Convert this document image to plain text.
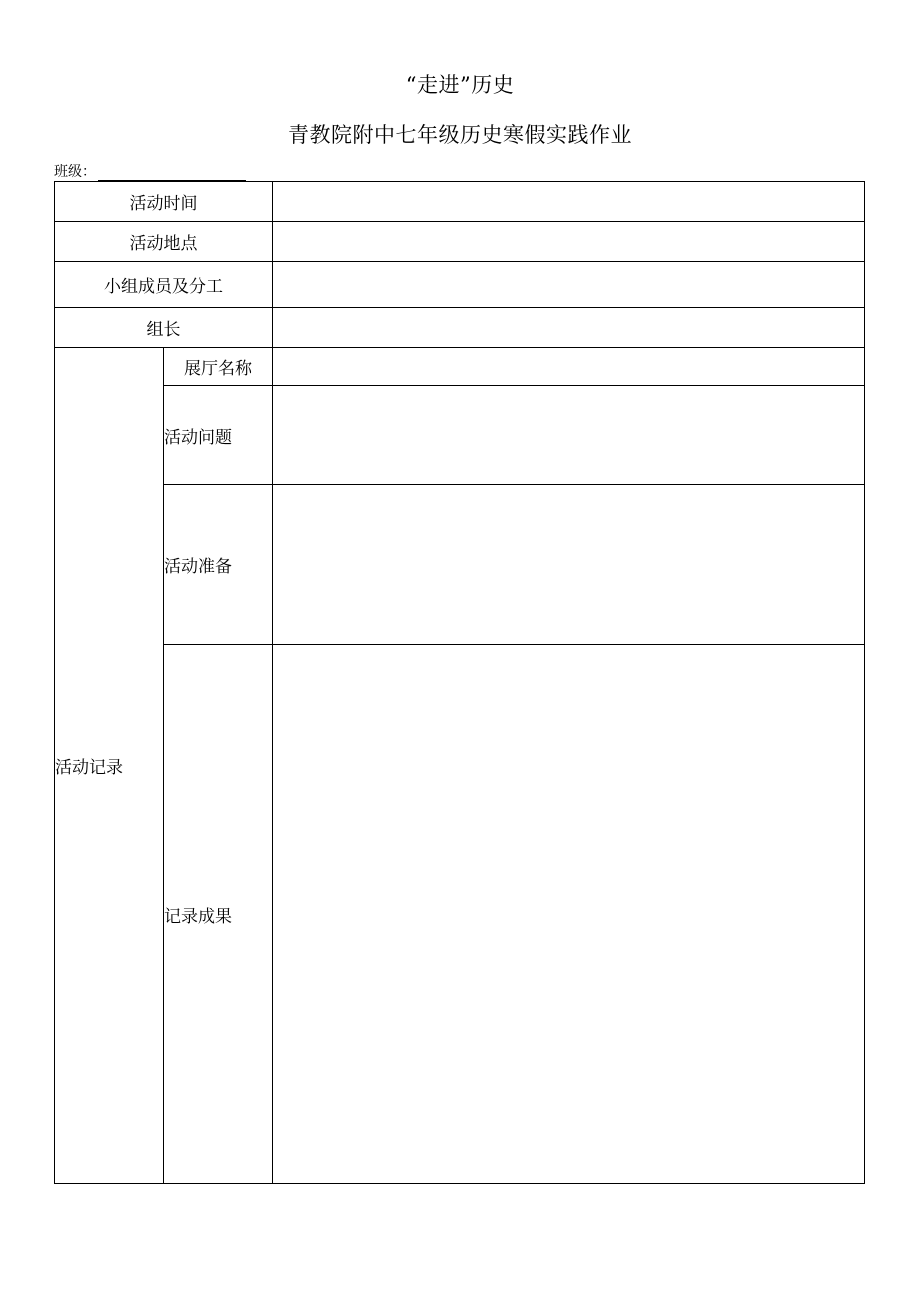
“走进”历史
青教院附中七年级历史寒假实践作业
班级：
活动时间		
活动地点		
小组成员及分工		
组长		
活动记录	展厅名称	
	活动问题	
	活动准备	
	记录成果	
